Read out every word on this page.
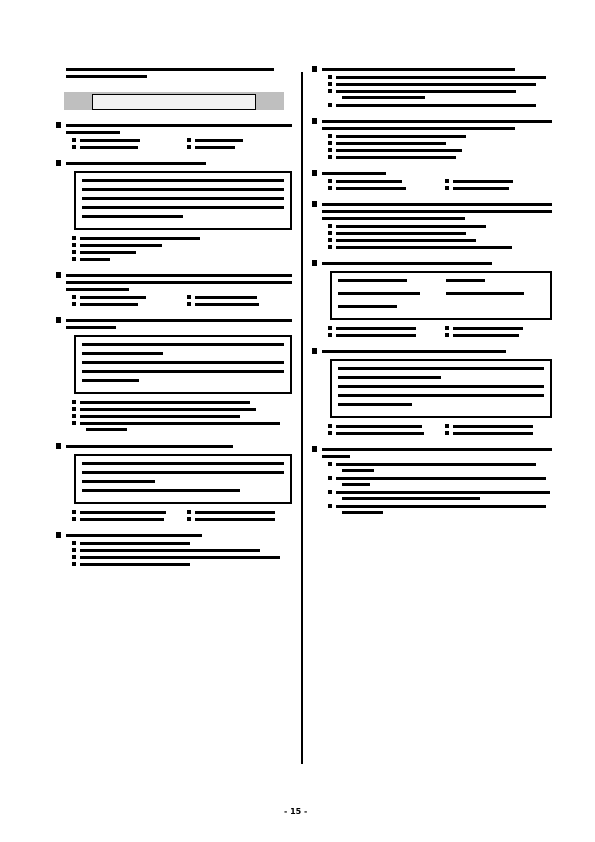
- 15 -
